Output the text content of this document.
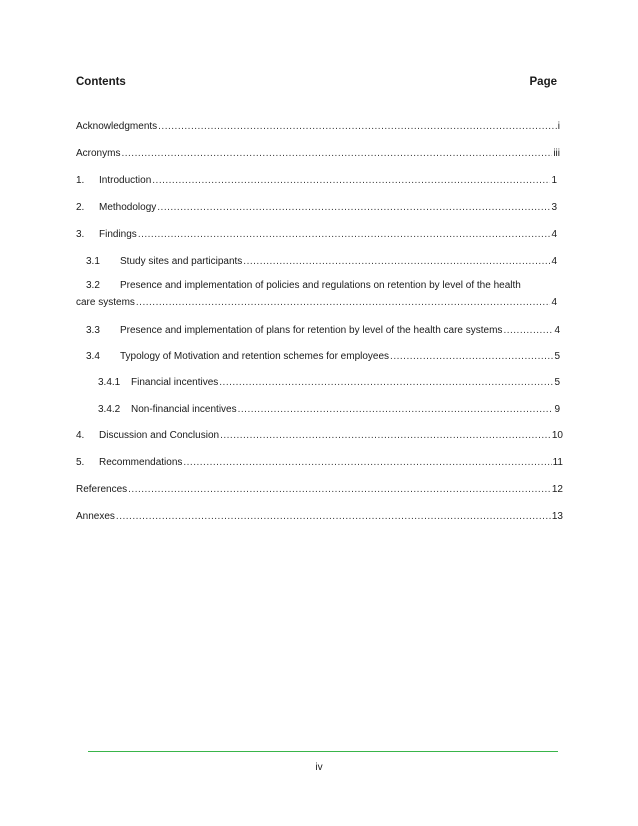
Contents	Page
Acknowledgments .....	i
Acronyms .....	iii
1.	Introduction .....	1
2.	Methodology .....	3
3.	Findings .....	4
3.1	Study sites and participants .....	4
3.2 Presence and implementation of policies and regulations on retention by level of the health
care systems .....	4
3.3	Presence and implementation of plans for retention by level of the health care systems .....	4
3.4	Typology of Motivation and retention schemes for employees .....	5
3.4.1	Financial incentives .....	5
3.4.2	Non-financial incentives .....	9
4.	Discussion and Conclusion .....	10
5.	Recommendations .....	11
References .....	12
Annexes .....	13
iv
